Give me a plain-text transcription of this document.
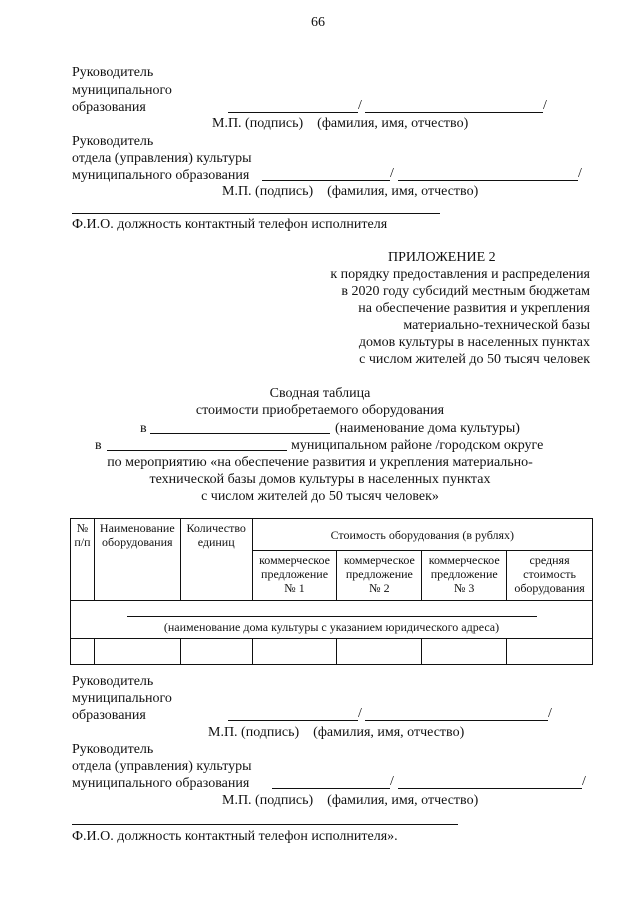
66
Руководитель
муниципального
образования	/	/
М.П. (подпись)    (фамилия, имя, отчество)
Руководитель
отдела (управления) культуры
муниципального образования	/	/
М.П. (подпись)    (фамилия, имя, отчество)
Ф.И.О. должность контактный телефон исполнителя
ПРИЛОЖЕНИЕ 2
к порядку предоставления и распределения
в 2020 году субсидий местным бюджетам
на обеспечение развития и укрепления
материально-технической базы
домов культуры в населенных пунктах
с числом жителей до 50 тысяч человек
Сводная таблица
стоимости приобретаемого оборудования
в	(наименование дома культуры)
в	муниципальном районе /городском округе
по мероприятию «на обеспечение развития и укрепления материально-
технической базы домов культуры в населенных пунктах
с числом жителей до 50 тысяч человек»
№ п/п	Наименование оборудования	Количество единиц	Стоимость оборудования (в рублях)			
			коммерческое предложение № 1	коммерческое предложение № 2	коммерческое предложение № 3	средняя стоимость оборудования

(наименование дома культуры с указанием юридического адреса)						

Руководитель
муниципального
образования	/	/
М.П. (подпись)    (фамилия, имя, отчество)
Руководитель
отдела (управления) культуры
муниципального образования	/	/
М.П. (подпись)    (фамилия, имя, отчество)
Ф.И.О. должность контактный телефон исполнителя».
